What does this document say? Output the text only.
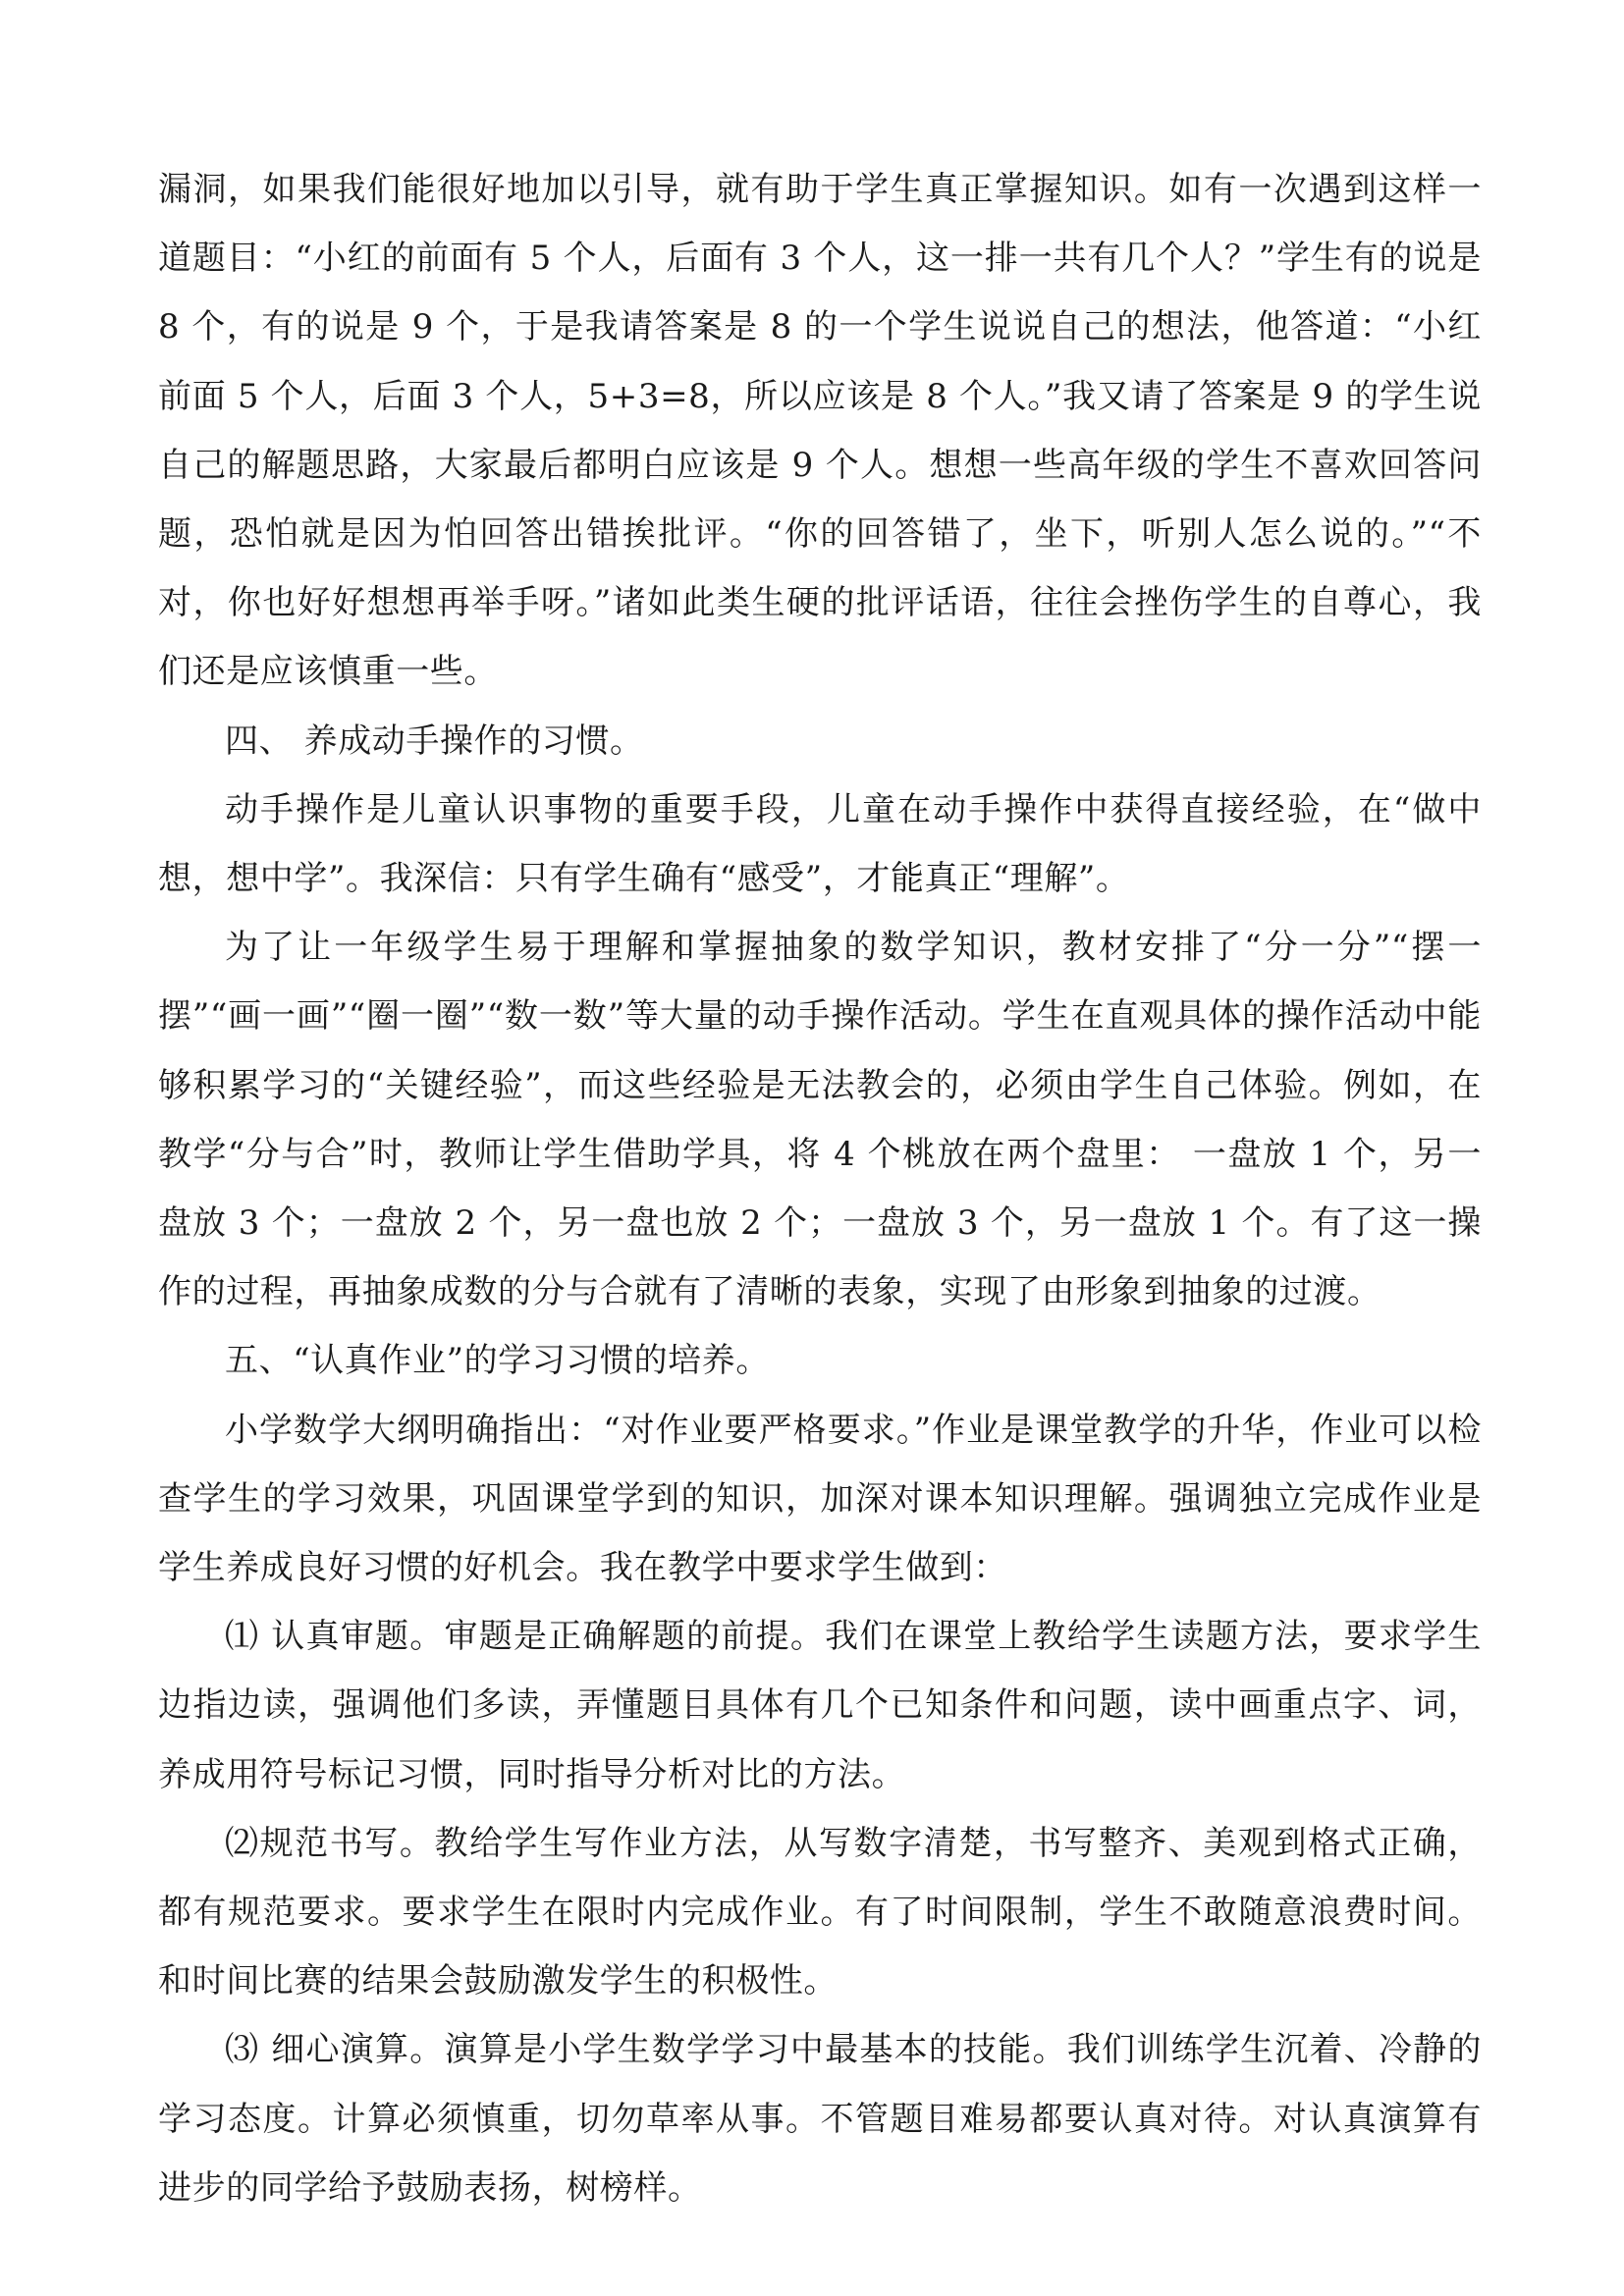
漏洞，如果我们能很好地加以引导，就有助于学生真正掌握知识。如有一次遇到这样一道题目：“小红的前面有 5 个人，后面有 3 个人，这一排一共有几个人？”学生有的说是 8 个，有的说是 9 个，于是我请答案是 8 的一个学生说说自己的想法，他答道：“小红前面 5 个人，后面 3 个人，5+3=8，所以应该是 8 个人。”我又请了答案是 9 的学生说自己的解题思路，大家最后都明白应该是 9 个人。想想一些高年级的学生不喜欢回答问题，恐怕就是因为怕回答出错挨批评。“你的回答错了，坐下，听别人怎么说的。”“不对，你也好好想想再举手呀。”诸如此类生硬的批评话语，往往会挫伤学生的自尊心，我们还是应该慎重一些。

四、 养成动手操作的习惯。

动手操作是儿童认识事物的重要手段，儿童在动手操作中获得直接经验，在“做中想，想中学”。我深信：只有学生确有“感受”，才能真正“理解”。

为了让一年级学生易于理解和掌握抽象的数学知识，教材安排了“分一分”“摆一摆”“画一画”“圈一圈”“数一数”等大量的动手操作活动。学生在直观具体的操作活动中能够积累学习的“关键经验”，而这些经验是无法教会的，必须由学生自己体验。例如，在教学“分与合”时，教师让学生借助学具，将 4 个桃放在两个盘里： 一盘放 1 个，另一盘放 3 个；一盘放 2 个，另一盘也放 2 个；一盘放 3 个，另一盘放 1 个。有了这一操作的过程，再抽象成数的分与合就有了清晰的表象，实现了由形象到抽象的过渡。

五、“认真作业”的学习习惯的培养。

小学数学大纲明确指出：“对作业要严格要求。”作业是课堂教学的升华，作业可以检查学生的学习效果，巩固课堂学到的知识，加深对课本知识理解。强调独立完成作业是学生养成良好习惯的好机会。我在教学中要求学生做到：

⑴ 认真审题。审题是正确解题的前提。我们在课堂上教给学生读题方法，要求学生边指边读，强调他们多读，弄懂题目具体有几个已知条件和问题，读中画重点字、词，养成用符号标记习惯，同时指导分析对比的方法。

⑵规范书写。教给学生写作业方法，从写数字清楚，书写整齐、美观到格式正确，都有规范要求。要求学生在限时内完成作业。有了时间限制，学生不敢随意浪费时间。和时间比赛的结果会鼓励激发学生的积极性。

⑶ 细心演算。演算是小学生数学学习中最基本的技能。我们训练学生沉着、冷静的学习态度。计算必须慎重，切勿草率从事。不管题目难易都要认真对待。对认真演算有进步的同学给予鼓励表扬，树榜样。
